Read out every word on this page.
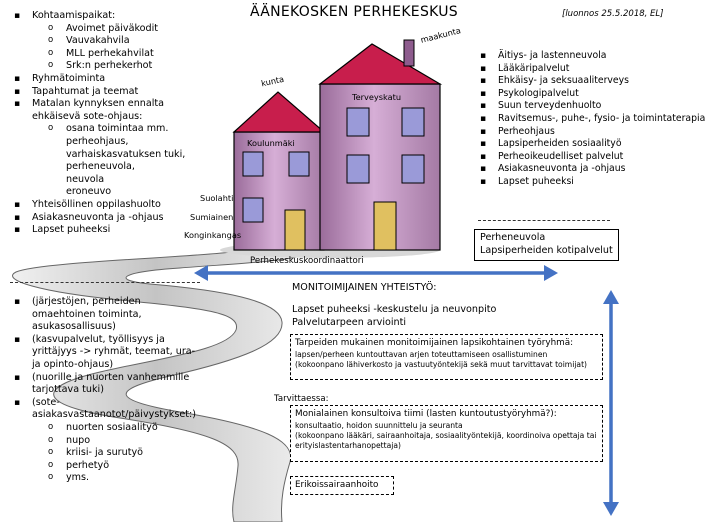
ÄÄNEKOSKEN PERHEKESKUS	[luonnos 25.5.2018, EL]
maakunta
kunta
Terveyskatu
Koulunmäki
Suolahti
Sumiainen
Konginkangas
Perhekeskuskoordinaattori
▪ Kohtaamispaikat:
o Avoimet päiväkodit
o Vauvakahvila
o MLL perhekahvilat
o Srk:n perhekerhot
▪ Ryhmätoiminta
▪ Tapahtumat ja teemat
▪ Matalan kynnyksen ennalta
ehkäisevä sote-ohjaus:
o osana toimintaa mm.
perheohjaus,
varhaiskasvatuksen tuki,
perheneuvola,
neuvola
eroneuvo
▪ Yhteisöllinen oppilashuolto
▪ Asiakasneuvonta ja -ohjaus
▪ Lapset puheeksi
▪ (järjestöjen, perheiden
omaehtoinen toiminta,
asukasosallisuus)
▪ (kasvupalvelut, työllisyys ja
yrittäjyys -> ryhmät, teemat, ura-
ja opinto-ohjaus)
▪ (nuorille ja nuorten vanhemmille
tarjottava tuki)
▪ (sote-
asiakasvastaanotot/päivystykset:)
o nuorten sosiaalityö
o nupo
o kriisi- ja surutyö
o perhetyö
o yms.
▪ Äitiys- ja lastenneuvola
▪ Lääkäripalvelut
▪ Ehkäisy- ja seksuaaliterveys
▪ Psykologipalvelut
▪ Suun terveydenhuolto
▪ Ravitsemus-, puhe-, fysio- ja toimintaterapia
▪ Perheohjaus
▪ Lapsiperheiden sosiaalityö
▪ Perheoikeudelliset palvelut
▪ Asiakasneuvonta ja -ohjaus
▪ Lapset puheeksi
Perheneuvola
Lapsiperheiden kotipalvelut
MONITOIMIJAINEN YHTEISTYÖ:
Lapset puheeksi -keskustelu ja neuvonpito
Palvelutarpeen arviointi
Tarpeiden mukainen monitoimijainen lapsikohtainen työryhmä:
lapsen/perheen kuntouttavan arjen toteuttamiseen osallistuminen
(kokoonpano lähiverkosto ja vastuutyöntekijä sekä muut tarvittavat toimijat)
Tarvittaessa:
Monialainen konsultoiva tiimi (lasten kuntoutustyöryhmä?):
konsultaatio, hoidon suunnittelu ja seuranta
(kokoonpano lääkäri, sairaanhoitaja, sosiaalityöntekijä, koordinoiva opettaja tai
erityislastentarhanopettaja)
Erikoissairaanhoito
